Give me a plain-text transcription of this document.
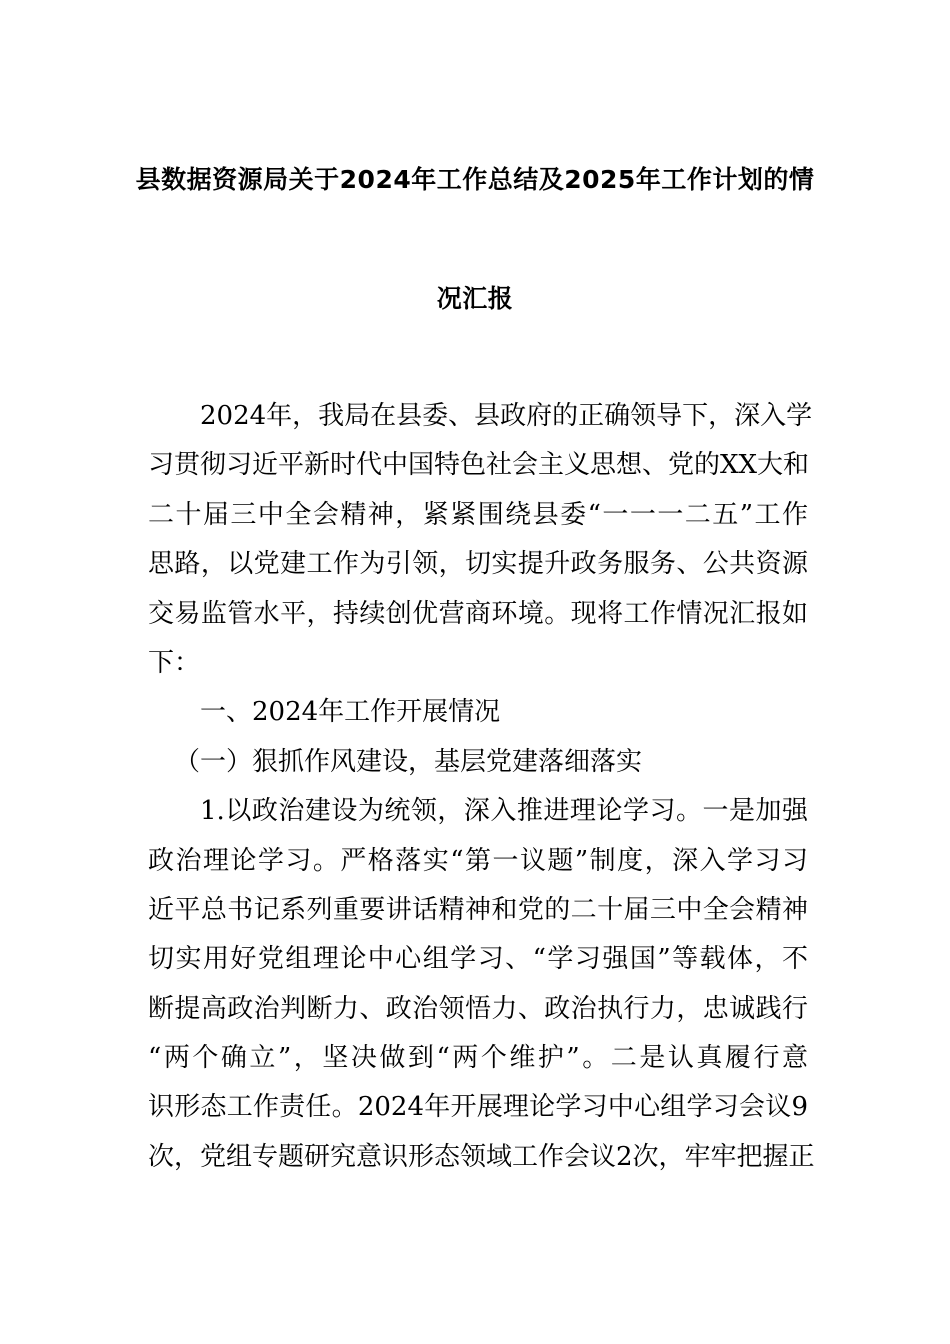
县数据资源局关于2024年工作总结及2025年工作计划的情
况汇报
2024年，我局在县委、县政府的正确领导下，深入学
习贯彻习近平新时代中国特色社会主义思想、党的XX大和
二十届三中全会精神，紧紧围绕县委“一一一二五”工作
思路，以党建工作为引领，切实提升政务服务、公共资源
交易监管水平，持续创优营商环境。现将工作情况汇报如
下：
一、2024年工作开展情况
（一）狠抓作风建设，基层党建落细落实
1.以政治建设为统领，深入推进理论学习。一是加强
政治理论学习。严格落实“第一议题”制度，深入学习习
近平总书记系列重要讲话精神和党的二十届三中全会精神
切实用好党组理论中心组学习、“学习强国”等载体，不
断提高政治判断力、政治领悟力、政治执行力，忠诚践行
“两个确立”，坚决做到“两个维护”。二是认真履行意
识形态工作责任。2024年开展理论学习中心组学习会议9
次，党组专题研究意识形态领域工作会议2次，牢牢把握正
